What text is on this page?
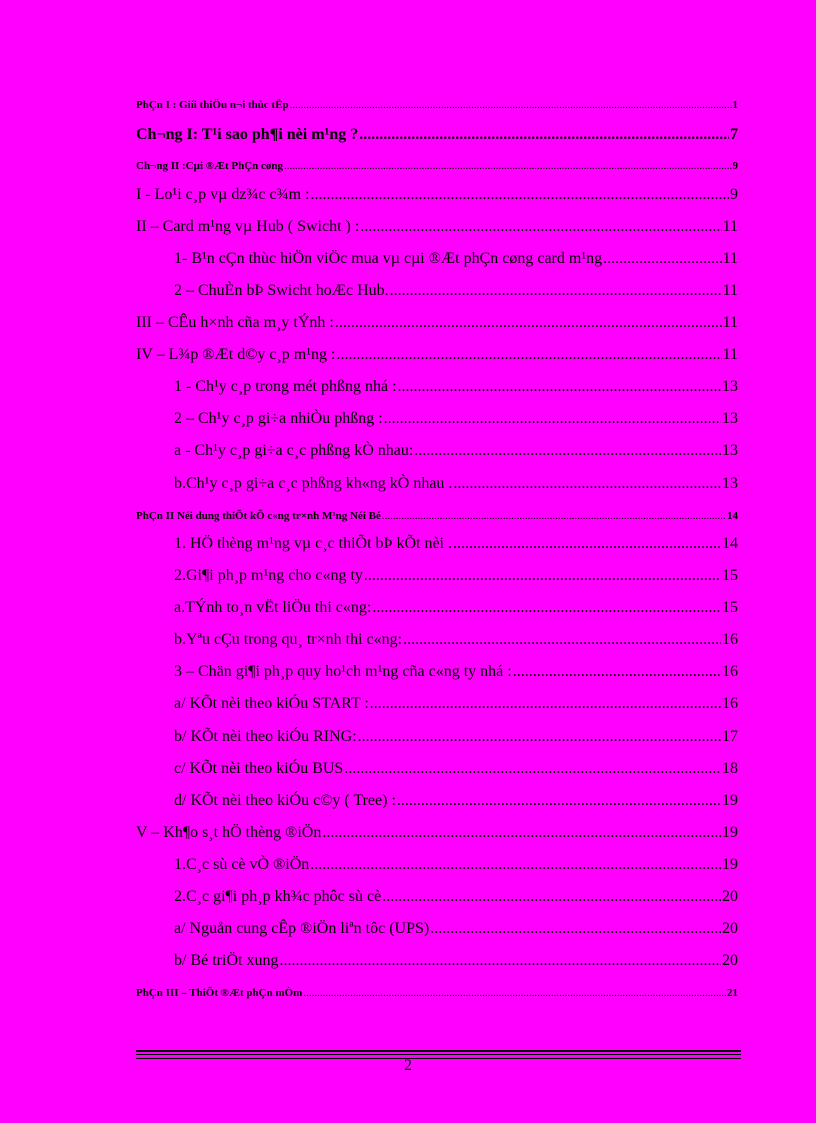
PhÇn I : Giíi thiÖu n¬i thùc tËp .....	1
Ch¬ng I: T¹i sao ph¶i nèi m¹ng ? .....	7
Ch¬ng II :Cµi ®Æt PhÇn cøng .....	9
I - Lo¹i c¸p vµ dz¾c c¾m : .....	9
II – Card m¹ng vµ Hub ( Swicht ) : .....	11
1- B¹n cÇn thùc hiÖn viÖc mua vµ cµi ®Æt phÇn cøng card m¹ng .....	11
2 – ChuÈn bÞ Swicht hoÆc Hub. .....	11
III – CÊu h×nh cña m¸y tÝnh : .....	11
IV – L¾p ®Æt d©y c¸p m¹ng : .....	11
1 - Ch¹y c¸p trong mét phßng nhá : .....	13
2 – Ch¹y c¸p gi÷a nhiÒu phßng : .....	13
a - Ch¹y c¸p gi÷a c¸c phßng kÒ nhau: .....	13
b.Ch¹y c¸p gi÷a c¸c phßng kh«ng kÒ nhau . .....	13
PhÇn II Néi dung thiÕt kÕ c«ng tr×nh M¹ng Néi Bé .....	14
1. HÖ thèng m¹ng vµ c¸c thiÕt bÞ kÕt nèi . .....	14
2.Gi¶i ph¸p m¹ng cho c«ng ty .....	15
a.TÝnh to¸n vËt liÖu thi c«ng: .....	15
b.Yªu cÇu trong qu¸ tr×nh thi c«ng: .....	16
3 – Chän gi¶i ph¸p quy ho¹ch m¹ng cña c«ng ty nhá : .....	16
a/ KÕt nèi theo kiÓu START : .....	16
b/ KÕt nèi theo kiÓu RING: .....	17
c/ KÕt nèi theo kiÓu BUS .....	18
d/ KÕt nèi theo kiÓu c©y ( Tree) : .....	19
V – Kh¶o s¸t hÖ thèng ®iÖn .....	19
1.C¸c sù cè vÒ ®iÖn .....	19
2.C¸c gi¶i ph¸p kh¾c phôc sù cè .....	20
a/ Nguån cung cÊp ®iÖn liªn tôc (UPS) .....	20
b/ Bé triÖt xung .....	20
PhÇn III – ThiÕt ®Æt phÇn mÒm .....	21
2
